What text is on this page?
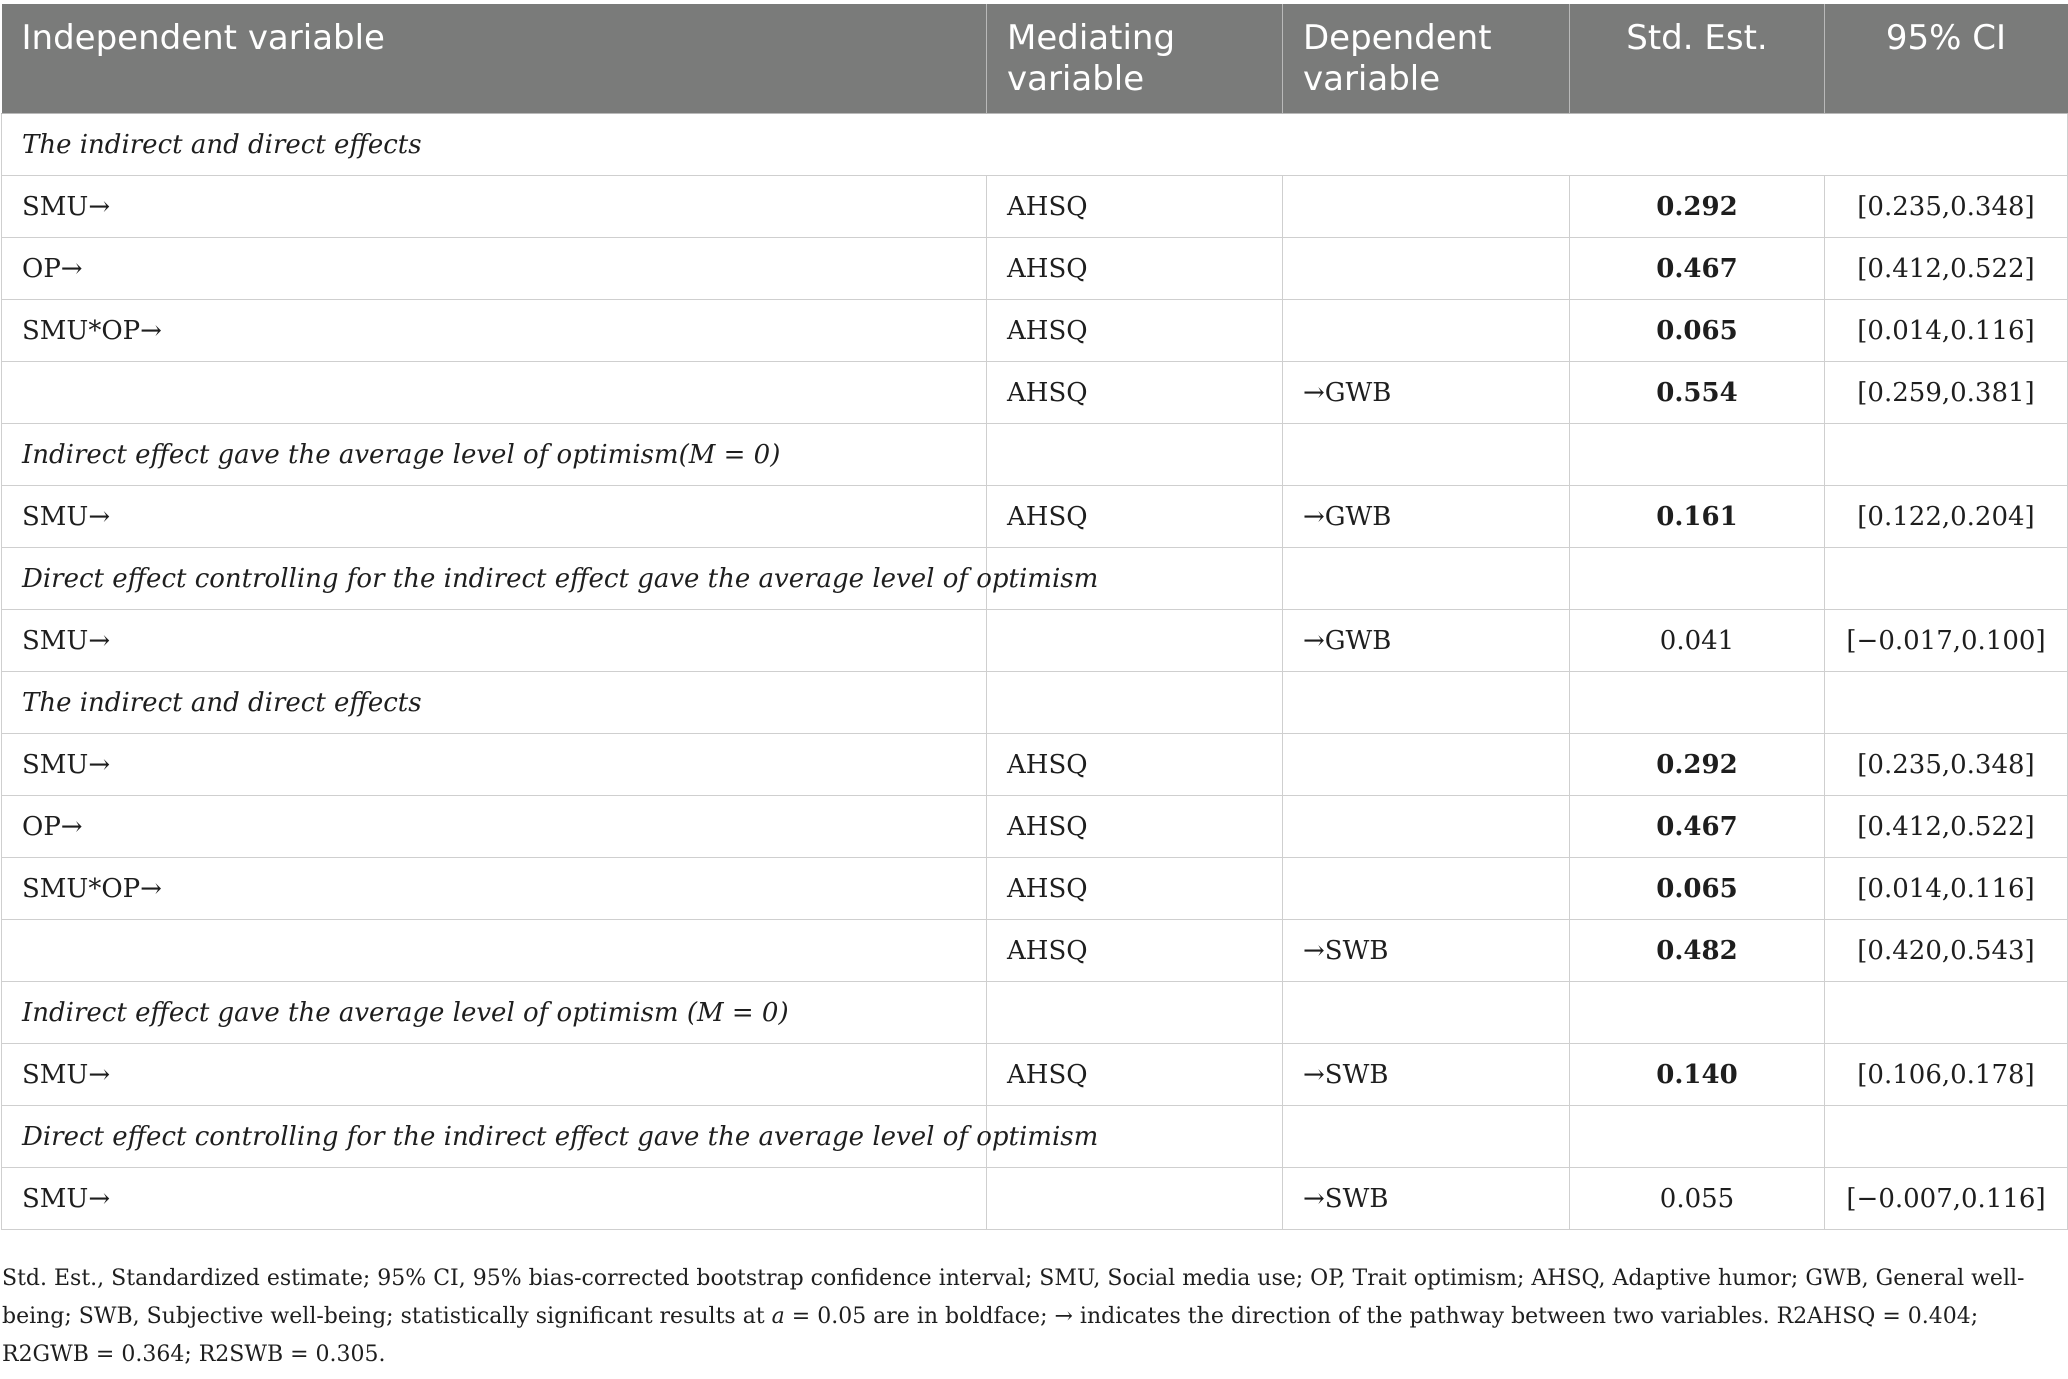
Independent variable	Mediating variable	Dependent variable	Std. Est.	95% CI
The indirect and direct effects				
SMU→	AHSQ		0.292	[0.235,0.348]
OP→	AHSQ		0.467	[0.412,0.522]
SMU*OP→	AHSQ		0.065	[0.014,0.116]
	AHSQ	→GWB	0.554	[0.259,0.381]
Indirect effect gave the average level of optimism(M = 0)				
SMU→	AHSQ	→GWB	0.161	[0.122,0.204]
Direct effect controlling for the indirect effect gave the average level of optimism				
SMU→		→GWB	0.041	[−0.017,0.100]
The indirect and direct effects				
SMU→	AHSQ		0.292	[0.235,0.348]
OP→	AHSQ		0.467	[0.412,0.522]
SMU*OP→	AHSQ		0.065	[0.014,0.116]
	AHSQ	→SWB	0.482	[0.420,0.543]
Indirect effect gave the average level of optimism (M = 0)				
SMU→	AHSQ	→SWB	0.140	[0.106,0.178]
Direct effect controlling for the indirect effect gave the average level of optimism				
SMU→		→SWB	0.055	[−0.007,0.116]
Std. Est., Standardized estimate; 95% CI, 95% bias-corrected bootstrap confidence interval; SMU, Social media use; OP, Trait optimism; AHSQ, Adaptive humor; GWB, General well-being; SWB, Subjective well-being; statistically significant results at a = 0.05 are in boldface; → indicates the direction of the pathway between two variables. R2AHSQ = 0.404; R2GWB = 0.364; R2SWB = 0.305.
